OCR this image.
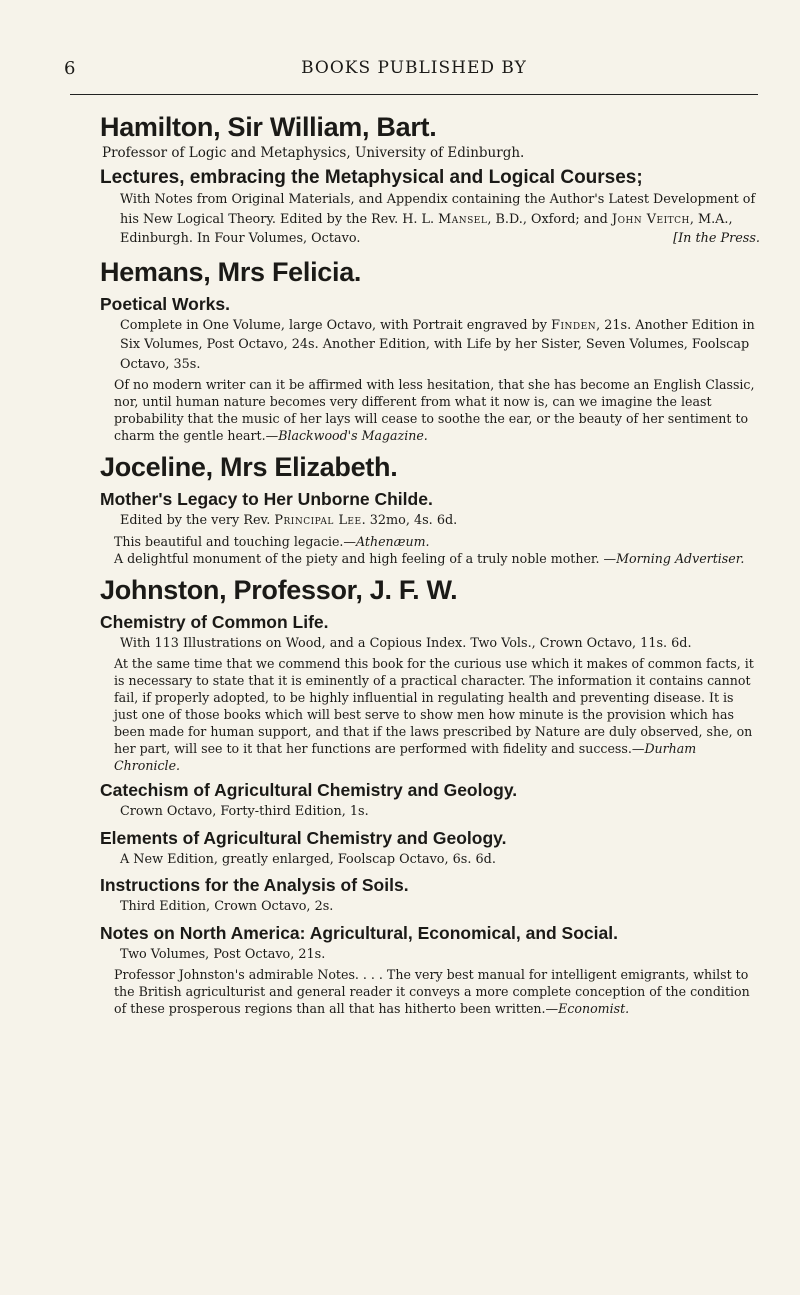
6	BOOKS PUBLISHED BY
Hamilton, Sir William, Bart.
Professor of Logic and Metaphysics, University of Edinburgh.
Lectures, embracing the Metaphysical and Logical Courses;

With Notes from Original Materials, and Appendix containing the Author's Latest Development of his New Logical Theory. Edited by the Rev. H. L. Mansel, B.D., Oxford; and John Veitch, M.A., Edinburgh. In Four Volumes, Octavo.	[In the Press.

Hemans, Mrs Felicia.
Poetical Works.

Complete in One Volume, large Octavo, with Portrait engraved by Finden, 21s. Another Edition in Six Volumes, Post Octavo, 24s. Another Edition, with Life by her Sister, Seven Volumes, Foolscap Octavo, 35s.

Of no modern writer can it be affirmed with less hesitation, that she has become an English Classic, nor, until human nature becomes very different from what it now is, can we imagine the least probability that the music of her lays will cease to soothe the ear, or the beauty of her sentiment to charm the gentle heart.—Blackwood's Magazine.

Joceline, Mrs Elizabeth.
Mother's Legacy to Her Unborne Childe.

Edited by the very Rev. Principal Lee. 32mo, 4s. 6d.

This beautiful and touching legacie.—Athenæum.
A delightful monument of the piety and high feeling of a truly noble mother. —Morning Advertiser.

Johnston, Professor, J. F. W.
Chemistry of Common Life.

With 113 Illustrations on Wood, and a Copious Index. Two Vols., Crown Octavo, 11s. 6d.

At the same time that we commend this book for the curious use which it makes of common facts, it is necessary to state that it is eminently of a practical character. The information it contains cannot fail, if properly adopted, to be highly influential in regulating health and preventing disease. It is just one of those books which will best serve to show men how minute is the provision which has been made for human support, and that if the laws prescribed by Nature are duly observed, she, on her part, will see to it that her functions are performed with fidelity and success.—Durham Chronicle.

Catechism of Agricultural Chemistry and Geology.

Crown Octavo, Forty-third Edition, 1s.

Elements of Agricultural Chemistry and Geology.

A New Edition, greatly enlarged, Foolscap Octavo, 6s. 6d.

Instructions for the Analysis of Soils.

Third Edition, Crown Octavo, 2s.

Notes on North America: Agricultural, Economical, and Social.

Two Volumes, Post Octavo, 21s.

Professor Johnston's admirable Notes. . . . The very best manual for intelligent emigrants, whilst to the British agriculturist and general reader it conveys a more complete conception of the condition of these prosperous regions than all that has hitherto been written.—Economist.
